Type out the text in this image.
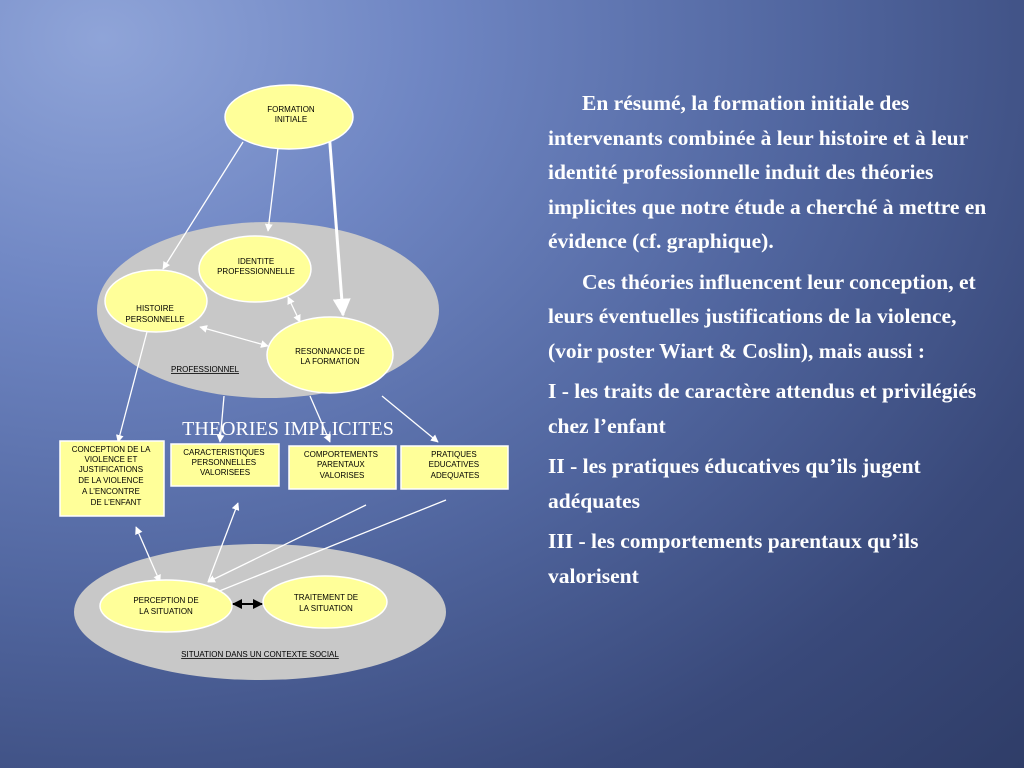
FORMATION INITIALE
IDENTITE PROFESSIONNELLE
HISTOIRE PERSONNELLE
RESONNANCE DE LA FORMATION
PROFESSIONNEL
THEORIES IMPLICITES
CONCEPTION DE LA VIOLENCE ET JUSTIFICATIONS DE LA VIOLENCE A L’ENCONTRE DE L’ENFANT
CARACTERISTIQUES PERSONNELLES VALORISEES
COMPORTEMENTS PARENTAUX VALORISES
PRATIQUES EDUCATIVES ADEQUATES
PERCEPTION DE LA SITUATION
TRAITEMENT DE LA SITUATION
SITUATION DANS UN CONTEXTE SOCIAL

En résumé, la formation initiale des intervenants combinée à leur histoire et à leur identité professionnelle induit des théories implicites que notre étude a cherché à mettre en évidence (cf. graphique).

Ces théories influencent leur conception, et leurs éventuelles justifications de la violence, (voir poster Wiart & Coslin), mais aussi :

I - les traits de caractère attendus et privilégiés chez l’enfant

II - les pratiques éducatives qu’ils jugent adéquates

III - les comportements parentaux qu’ils valorisent
